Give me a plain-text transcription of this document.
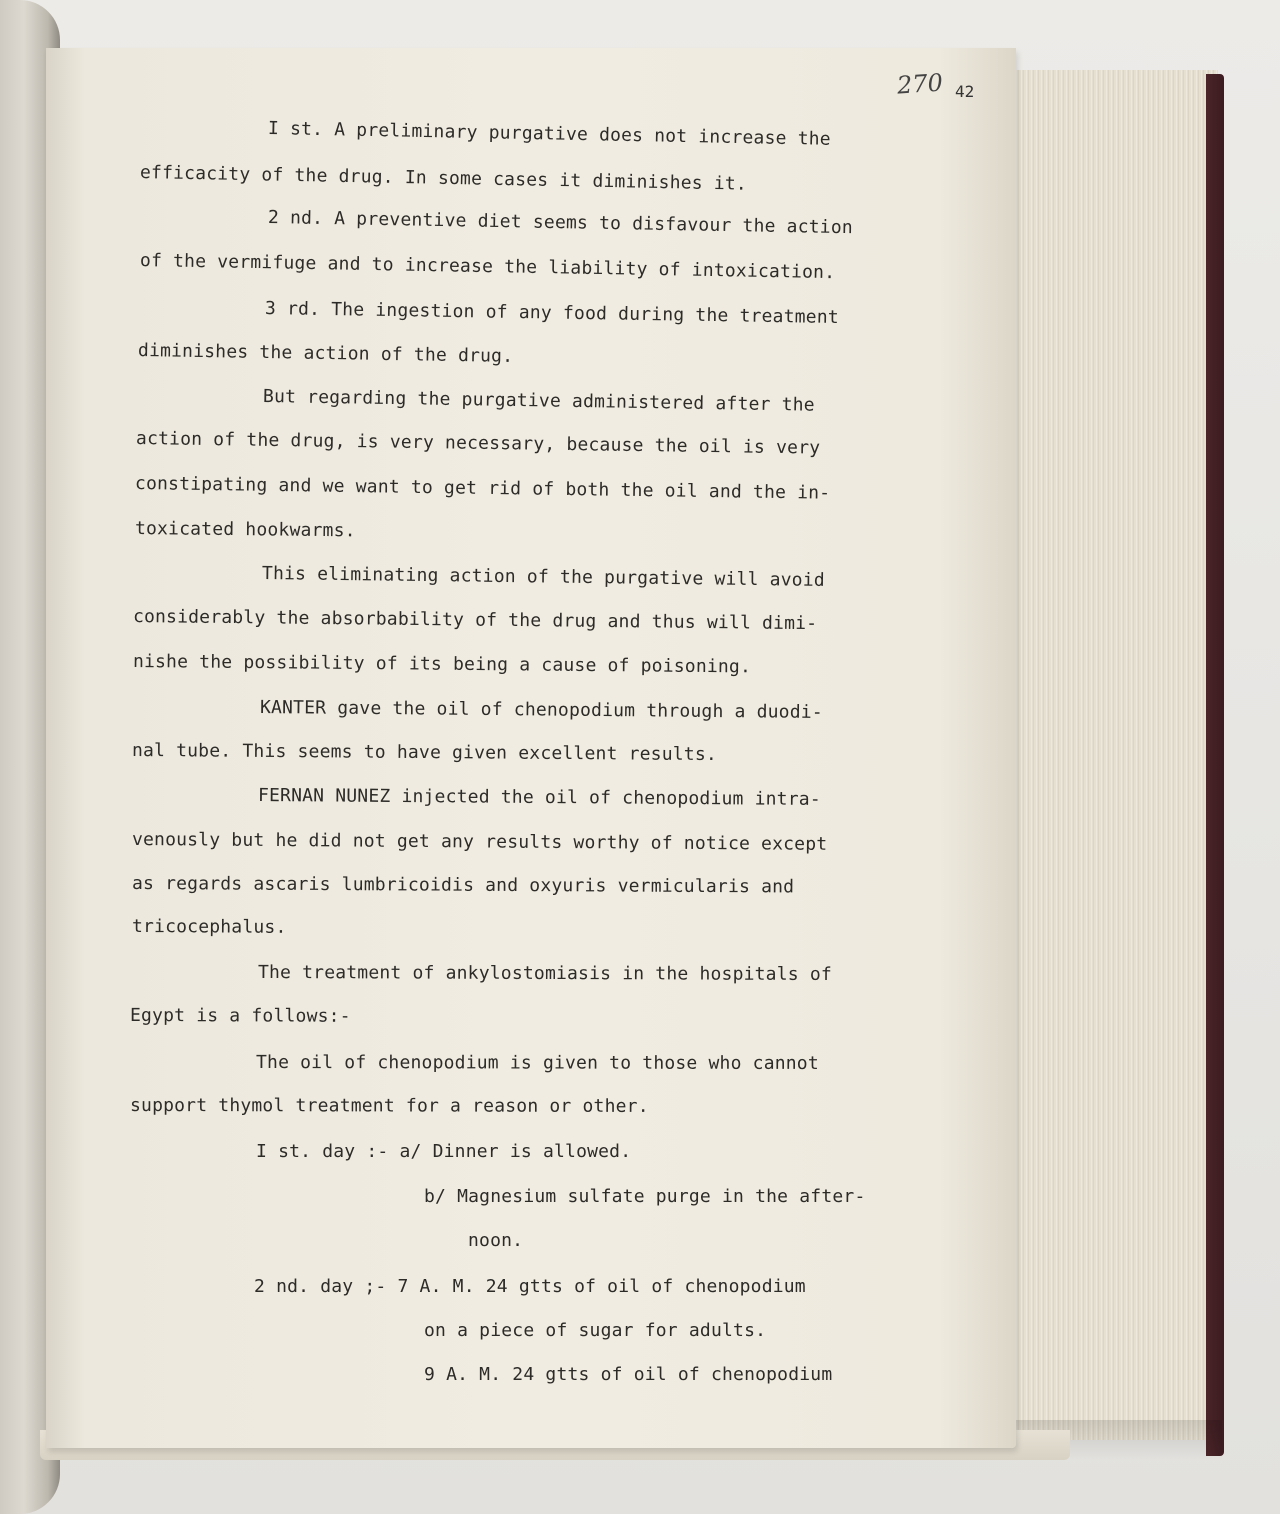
270 42
I st. A preliminary purgative does not increase the
efficacity of the drug. In some cases it diminishes it.
2 nd. A preventive diet seems to disfavour the action
of the vermifuge and to increase the liability of intoxication.
3 rd. The ingestion of any food during the treatment
diminishes the action of the drug.
But regarding the purgative administered after the
action of the drug, is very necessary, because the oil is very
constipating and we want to get rid of both the oil and the in-
toxicated hookwarms.
This eliminating action of the purgative will avoid
considerably the absorbability of the drug and thus will dimi-
nishe the possibility of its being a cause of poisoning.
KANTER gave the oil of chenopodium through a duodi-
nal tube. This seems to have given excellent results.
FERNAN NUNEZ injected the oil of chenopodium intra-
venously but he did not get any results worthy of notice except
as regards ascaris lumbricoidis and oxyuris vermicularis and
tricocephalus.
The treatment of ankylostomiasis in the hospitals of
Egypt is a follows:-
The oil of chenopodium is given to those who cannot
support thymol treatment for a reason or other.
I st. day :- a/ Dinner is allowed.
b/ Magnesium sulfate purge in the after-
noon.
2 nd. day ;- 7 A. M. 24 gtts of oil of chenopodium
on a piece of sugar for adults.
9 A. M. 24 gtts of oil of chenopodium
